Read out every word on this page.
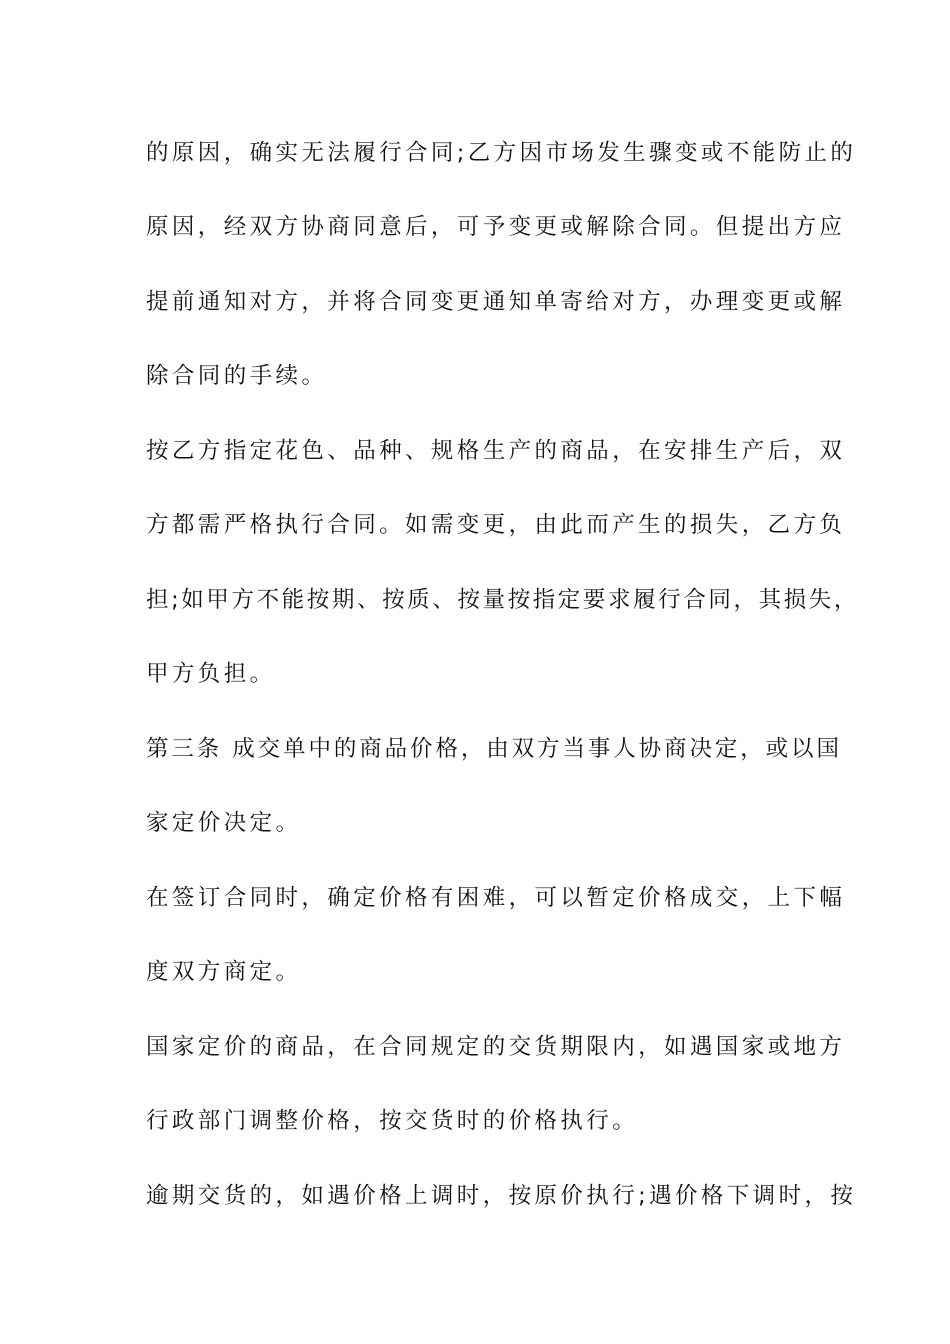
的原因，确实无法履行合同;乙方因市场发生骤变或不能防止的
原因，经双方协商同意后，可予变更或解除合同。但提出方应
提前通知对方，并将合同变更通知单寄给对方，办理变更或解
除合同的手续。
按乙方指定花色、品种、规格生产的商品，在安排生产后，双
方都需严格执行合同。如需变更，由此而产生的损失，乙方负
担;如甲方不能按期、按质、按量按指定要求履行合同，其损失，
甲方负担。
第三条 成交单中的商品价格，由双方当事人协商决定，或以国
家定价决定。
在签订合同时，确定价格有困难，可以暂定价格成交，上下幅
度双方商定。
国家定价的商品，在合同规定的交货期限内，如遇国家或地方
行政部门调整价格，按交货时的价格执行。
逾期交货的，如遇价格上调时，按原价执行;遇价格下调时，按
